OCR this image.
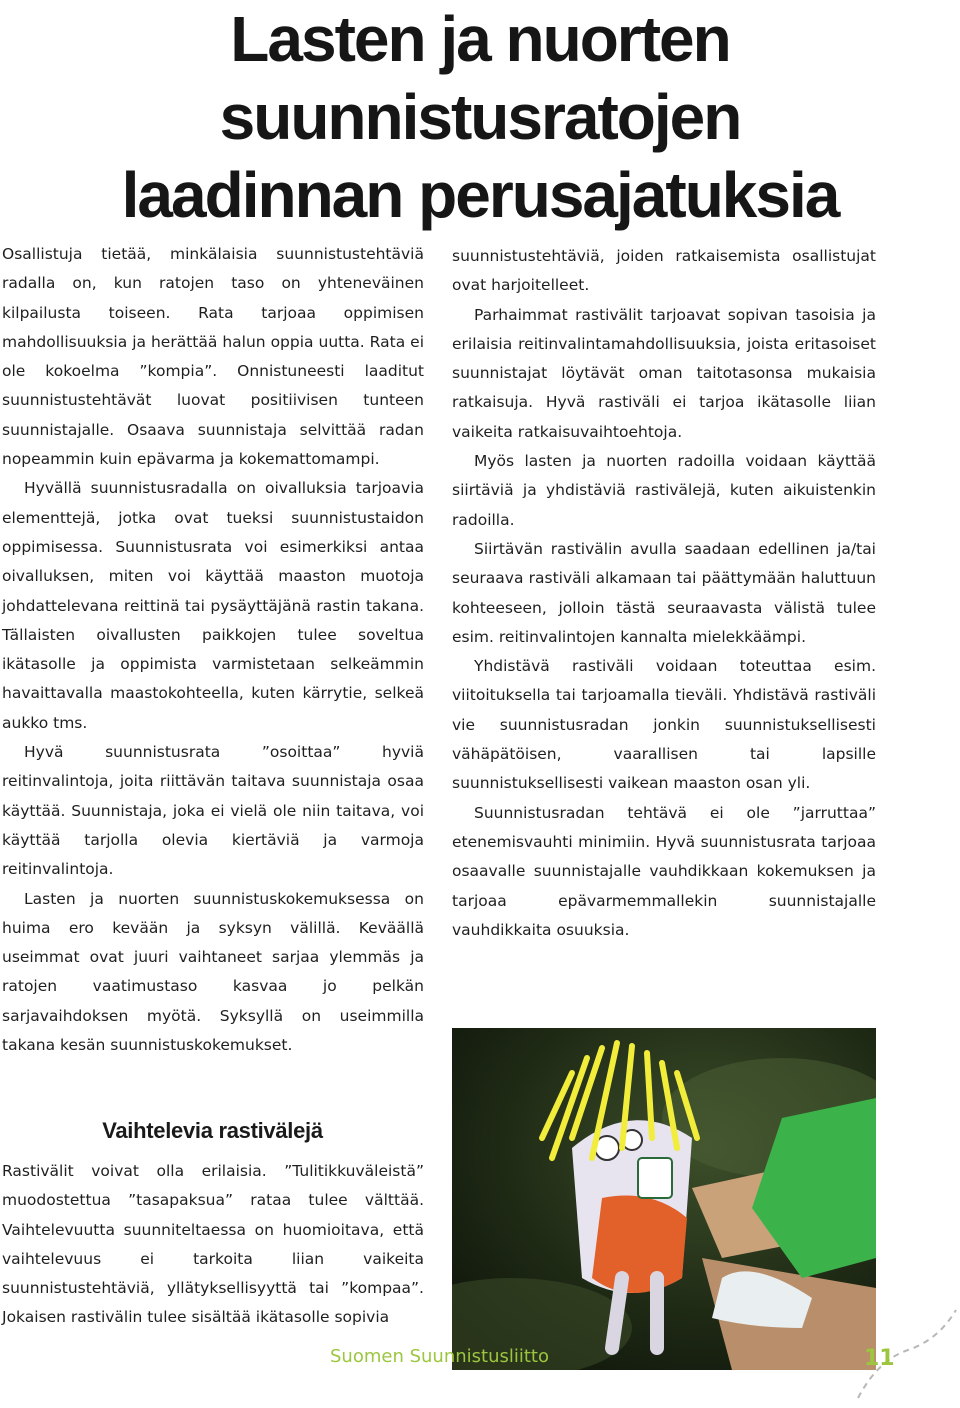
Lasten ja nuorten
suunnistusratojen
laadinnan perusajatuksia

Osallistuja tietää, minkälaisia suunnistustehtäviä radalla on, kun ratojen taso on yhteneväinen kilpailusta toiseen. Rata tarjoaa oppimisen mahdollisuuksia ja herättää halun oppia uutta. Rata ei ole kokoelma ”kompia”. Onnistuneesti laaditut suunnistustehtävät luovat positiivisen tunteen suunnistajalle. Osaava suunnistaja selvittää radan nopeammin kuin epävarma ja kokemattomampi.

Hyvällä suunnistusradalla on oivalluksia tarjoavia elementtejä, jotka ovat tueksi suunnistustaidon oppimisessa. Suunnistusrata voi esimerkiksi antaa oivalluksen, miten voi käyttää maaston muotoja johdattelevana reittinä tai pysäyttäjänä rastin takana. Tällaisten oivallusten paikkojen tulee soveltua ikätasolle ja oppimista varmistetaan selkeämmin havaittavalla maastokohteella, kuten kärrytie, selkeä aukko tms.

Hyvä suunnistusrata ”osoittaa” hyviä reitinvalintoja, joita riittävän taitava suunnistaja osaa käyttää. Suunnistaja, joka ei vielä ole niin taitava, voi käyttää tarjolla olevia kiertäviä ja varmoja reitinvalintoja.

Lasten ja nuorten suunnistuskokemuksessa on huima ero kevään ja syksyn välillä. Keväällä useimmat ovat juuri vaihtaneet sarjaa ylemmäs ja ratojen vaatimustaso kasvaa jo pelkän sarjavaihdoksen myötä. Syksyllä on useimmilla takana kesän suunnistuskokemukset.

Vaihtelevia rastivälejä

Rastivälit voivat olla erilaisia. ”Tulitikkuväleistä” muodostettua ”tasapaksua” rataa tulee välttää. Vaihtelevuutta suunniteltaessa on huomioitava, että vaihtelevuus ei tarkoita liian vaikeita suunnistustehtäviä, yllätyksellisyyttä tai ”kompaa”. Jokaisen rastivälin tulee sisältää ikätasolle sopivia

suunnistustehtäviä, joiden ratkaisemista osallistujat ovat harjoitelleet.

Parhaimmat rastivälit tarjoavat sopivan tasoisia ja erilaisia reitinvalintamahdollisuuksia, joista eritasoiset suunnistajat löytävät oman taitotasonsa mukaisia ratkaisuja. Hyvä rastiväli ei tarjoa ikätasolle liian vaikeita ratkaisuvaihtoehtoja.

Myös lasten ja nuorten radoilla voidaan käyttää siirtäviä ja yhdistäviä rastivälejä, kuten aikuistenkin radoilla.

Siirtävän rastivälin avulla saadaan edellinen ja/tai seuraava rastiväli alkamaan tai päättymään haluttuun kohteeseen, jolloin tästä seuraavasta välistä tulee esim. reitinvalintojen kannalta mielekkäämpi.

Yhdistävä rastiväli voidaan toteuttaa esim. viitoituksella tai tarjoamalla tieväli. Yhdistävä rastiväli vie suunnistusradan jonkin suunnistuksellisesti vähäpätöisen, vaarallisen tai lapsille suunnistuksellisesti vaikean maaston osan yli.

Suunnistusradan tehtävä ei ole ”jarruttaa” etenemisvauhti minimiin. Hyvä suunnistusrata tarjoaa osaavalle suunnistajalle vauhdikkaan kokemuksen ja tarjoaa epävarmemmallekin suunnistajalle vauhdikkaita osuuksia.

Suomen Suunnistusliitto	11
